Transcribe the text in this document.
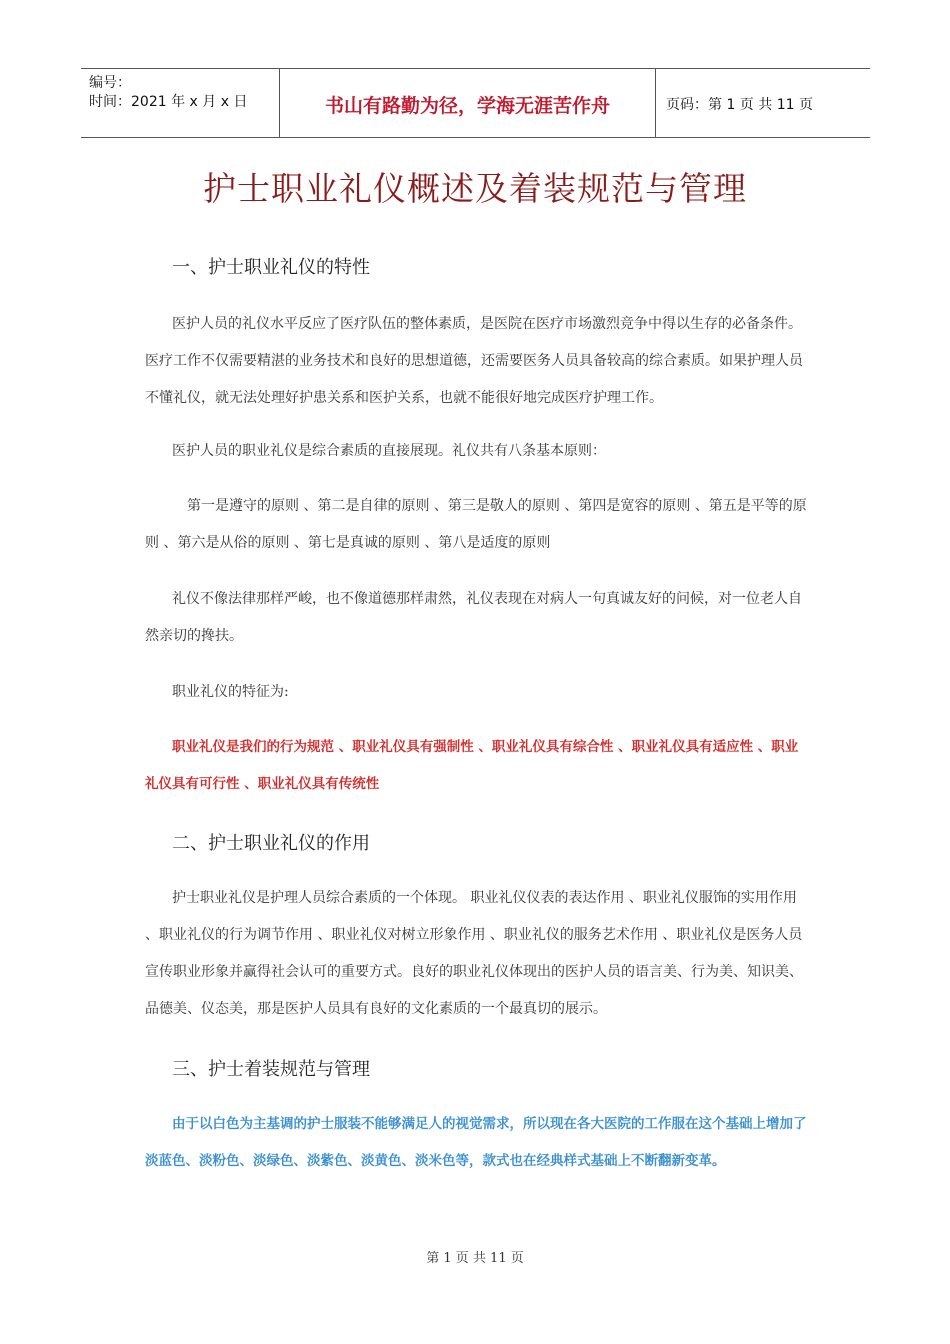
编号：
时间：2021 年 x 月 x 日	书山有路勤为径，学海无涯苦作舟	页码：第 1 页 共 11 页
护士职业礼仪概述及着装规范与管理
一、护士职业礼仪的特性
医护人员的礼仪水平反应了医疗队伍的整体素质，是医院在医疗市场激烈竞争中得以生存的必备条件。医疗工作不仅需要精湛的业务技术和良好的思想道德，还需要医务人员具备较高的综合素质。如果护理人员不懂礼仪，就无法处理好护患关系和医护关系，也就不能很好地完成医疗护理工作。
医护人员的职业礼仪是综合素质的直接展现。礼仪共有八条基本原则：
第一是遵守的原则 、第二是自律的原则 、第三是敬人的原则 、第四是宽容的原则 、第五是平等的原则 、第六是从俗的原则 、第七是真诚的原则 、第八是适度的原则
礼仪不像法律那样严峻，也不像道德那样肃然，礼仪表现在对病人一句真诚友好的问候，对一位老人自然亲切的搀扶。
职业礼仪的特征为:
职业礼仪是我们的行为规范 、职业礼仪具有强制性 、职业礼仪具有综合性 、职业礼仪具有适应性 、职业礼仪具有可行性 、职业礼仪具有传统性
二、护士职业礼仪的作用
护士职业礼仪是护理人员综合素质的一个体现。 职业礼仪仪表的表达作用 、职业礼仪服饰的实用作用 、职业礼仪的行为调节作用 、职业礼仪对树立形象作用 、职业礼仪的服务艺术作用 、职业礼仪是医务人员宣传职业形象并赢得社会认可的重要方式。良好的职业礼仪体现出的医护人员的语言美、行为美、知识美、品德美、仪态美，那是医护人员具有良好的文化素质的一个最真切的展示。
三、护士着装规范与管理
由于以白色为主基调的护士服装不能够满足人的视觉需求，所以现在各大医院的工作服在这个基础上增加了淡蓝色、淡粉色、淡绿色、淡紫色、淡黄色、淡米色等，款式也在经典样式基础上不断翻新变革。
第 1 页 共 11 页
